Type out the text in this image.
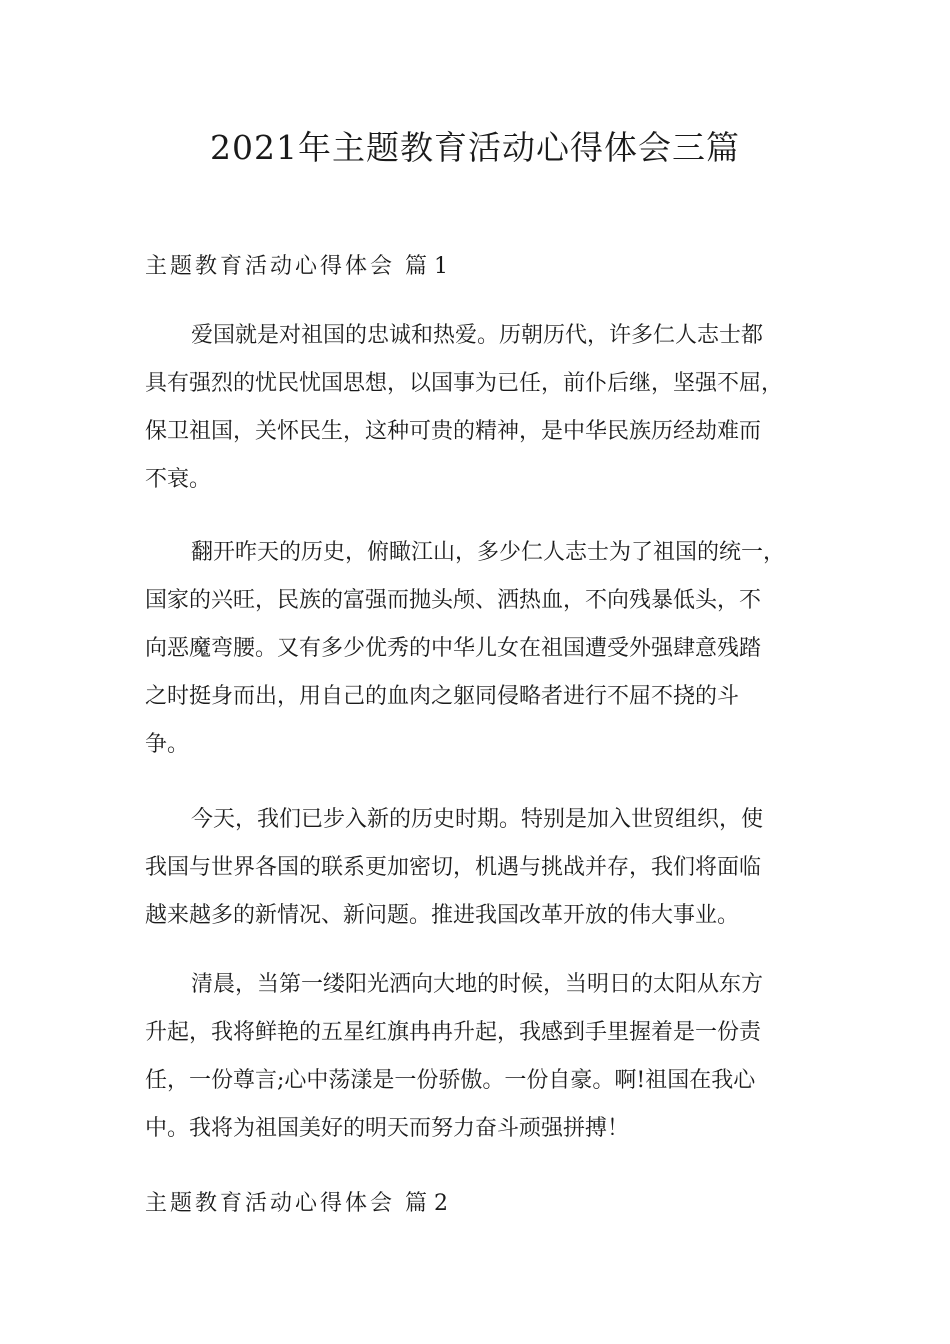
2021年主题教育活动心得体会三篇
主题教育活动心得体会 篇 1
爱国就是对祖国的忠诚和热爱。历朝历代，许多仁人志士都
具有强烈的忧民忧国思想，以国事为已任，前仆后继，坚强不屈，
保卫祖国，关怀民生，这种可贵的精神，是中华民族历经劫难而
不衰。
翻开昨天的历史，俯瞰江山，多少仁人志士为了祖国的统一，
国家的兴旺，民族的富强而抛头颅、洒热血，不向残暴低头，不
向恶魔弯腰。又有多少优秀的中华儿女在祖国遭受外强肆意残踏
之时挺身而出，用自己的血肉之躯同侵略者进行不屈不挠的斗
争。
今天，我们已步入新的历史时期。特别是加入世贸组织，使
我国与世界各国的联系更加密切，机遇与挑战并存，我们将面临
越来越多的新情况、新问题。推进我国改革开放的伟大事业。
清晨，当第一缕阳光洒向大地的时候，当明日的太阳从东方
升起，我将鲜艳的五星红旗冉冉升起，我感到手里握着是一份责
任，一份尊言;心中荡漾是一份骄傲。一份自豪。啊!祖国在我心
中。我将为祖国美好的明天而努力奋斗顽强拼搏！
主题教育活动心得体会 篇 2
